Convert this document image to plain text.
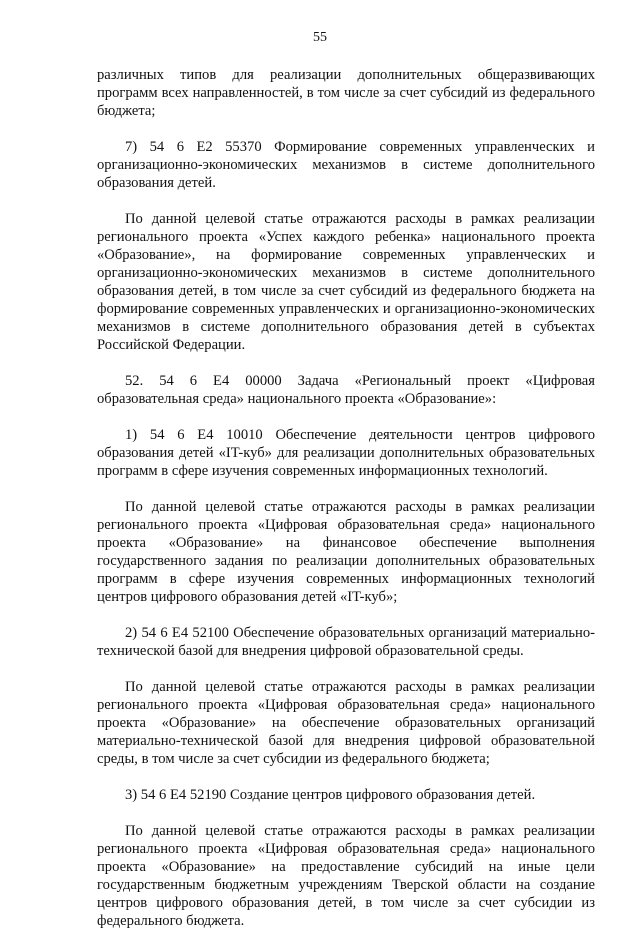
55

различных типов для реализации дополнительных общеразвивающих программ всех направленностей, в том числе за счет субсидий из федерального бюджета;

7) 54 6 E2 55370 Формирование современных управленческих и организационно-экономических механизмов в системе дополнительного образования детей.

По данной целевой статье отражаются расходы в рамках реализации регионального проекта «Успех каждого ребенка» национального проекта «Образование», на формирование современных управленческих и организационно-экономических механизмов в системе дополнительного образования детей, в том числе за счет субсидий из федерального бюджета на формирование современных управленческих и организационно-экономических механизмов в системе дополнительного образования детей в субъектах Российской Федерации.

52. 54 6 E4 00000 Задача «Региональный проект «Цифровая образовательная среда» национального проекта «Образование»:

1) 54 6 E4 10010 Обеспечение деятельности центров цифрового образования детей «IT-куб» для реализации дополнительных образовательных программ в сфере изучения современных информационных технологий.

По данной целевой статье отражаются расходы в рамках реализации регионального проекта «Цифровая образовательная среда» национального проекта «Образование» на финансовое обеспечение выполнения государственного задания по реализации дополнительных образовательных программ в сфере изучения современных информационных технологий центров цифрового образования детей «IT-куб»;

2) 54 6 E4 52100 Обеспечение образовательных организаций материально-технической базой для внедрения цифровой образовательной среды.

По данной целевой статье отражаются расходы в рамках реализации регионального проекта «Цифровая образовательная среда» национального проекта «Образование» на обеспечение образовательных организаций материально-технической базой для внедрения цифровой образовательной среды, в том числе за счет субсидии из федерального бюджета;

3) 54 6 E4 52190 Создание центров цифрового образования детей.

По данной целевой статье отражаются расходы в рамках реализации регионального проекта «Цифровая образовательная среда» национального проекта «Образование» на предоставление субсидий на иные цели государственным бюджетным учреждениям Тверской области на создание центров цифрового образования детей, в том числе за счет субсидии из федерального бюджета.
